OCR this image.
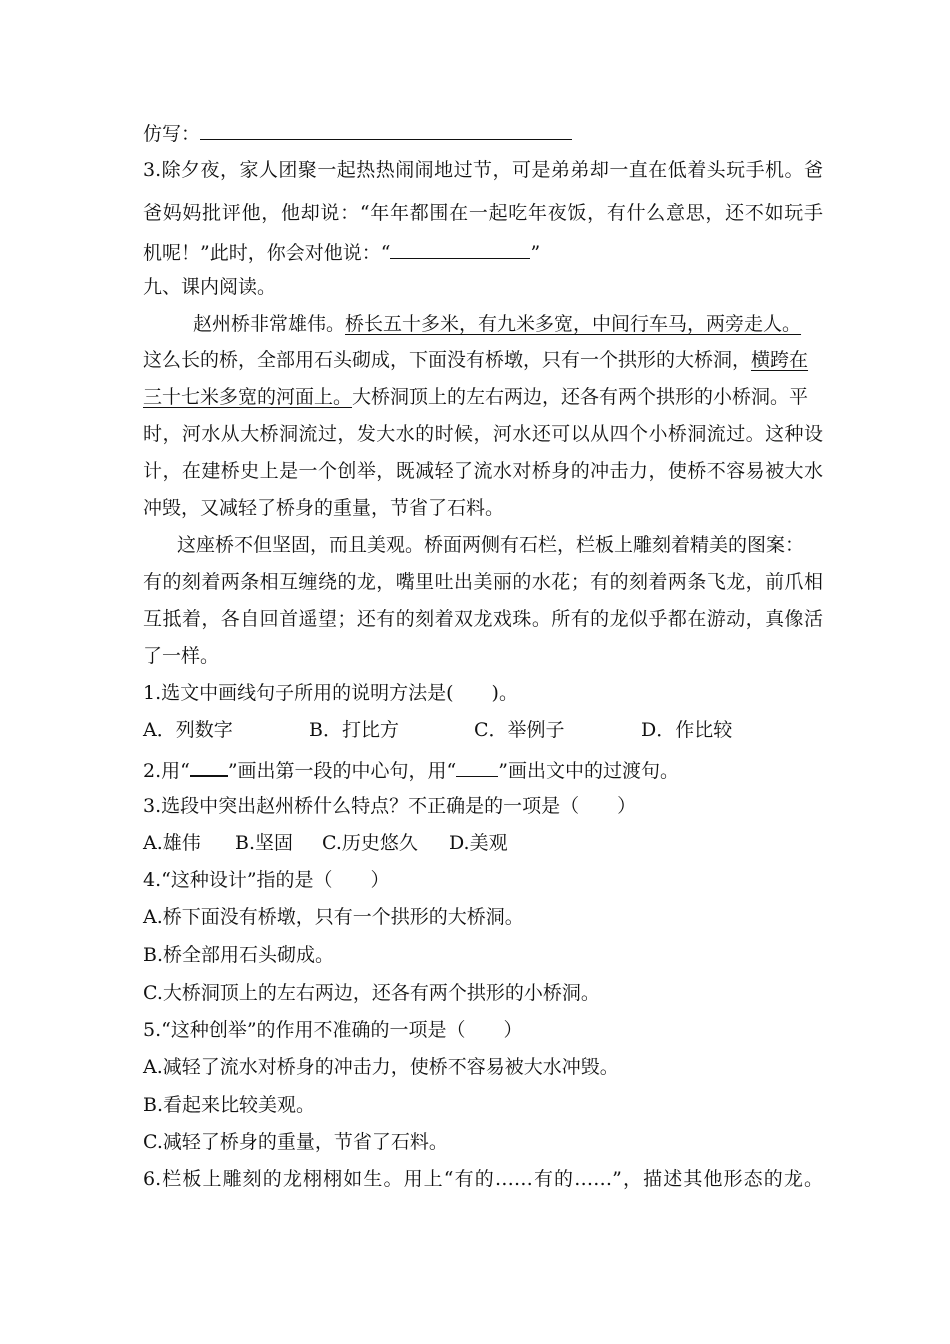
仿写：
3.除夕夜，家人团聚一起热热闹闹地过节，可是弟弟却一直在低着头玩手机。爸
爸妈妈批评他，他却说：“年年都围在一起吃年夜饭，有什么意思，还不如玩手
机呢！”此时，你会对他说：“	”
九、课内阅读。
赵州桥非常雄伟。桥长五十多米，有九米多宽，中间行车马，两旁走人。
这么长的桥，全部用石头砌成，下面没有桥墩，只有一个拱形的大桥洞，横跨在
三十七米多宽的河面上。大桥洞顶上的左右两边，还各有两个拱形的小桥洞。平
时，河水从大桥洞流过，发大水的时候，河水还可以从四个小桥洞流过。这种设
计，在建桥史上是一个创举，既减轻了流水对桥身的冲击力，使桥不容易被大水
冲毁，又减轻了桥身的重量，节省了石料。
这座桥不但坚固，而且美观。桥面两侧有石栏，栏板上雕刻着精美的图案：
有的刻着两条相互缠绕的龙，嘴里吐出美丽的水花；有的刻着两条飞龙，前爪相
互抵着，各自回首遥望；还有的刻着双龙戏珠。所有的龙似乎都在游动，真像活
了一样。
1.选文中画线句子所用的说明方法是(　　)。
A．列数字	B．打比方	C．举例子	D．作比较
2.用“ ”画出第一段的中心句，用“ ”画出文中的过渡句。
3.选段中突出赵州桥什么特点？不正确是的一项是（　　）
A.雄伟 B.坚固 C.历史悠久 D.美观
4.“这种设计”指的是（　　）
A.桥下面没有桥墩，只有一个拱形的大桥洞。
B.桥全部用石头砌成。
C.大桥洞顶上的左右两边，还各有两个拱形的小桥洞。
5.“这种创举”的作用不准确的一项是（　　）
A.减轻了流水对桥身的冲击力，使桥不容易被大水冲毁。
B.看起来比较美观。
C.减轻了桥身的重量，节省了石料。
6.栏板上雕刻的龙栩栩如生。用上“有的……有的……”，描述其他形态的龙。
